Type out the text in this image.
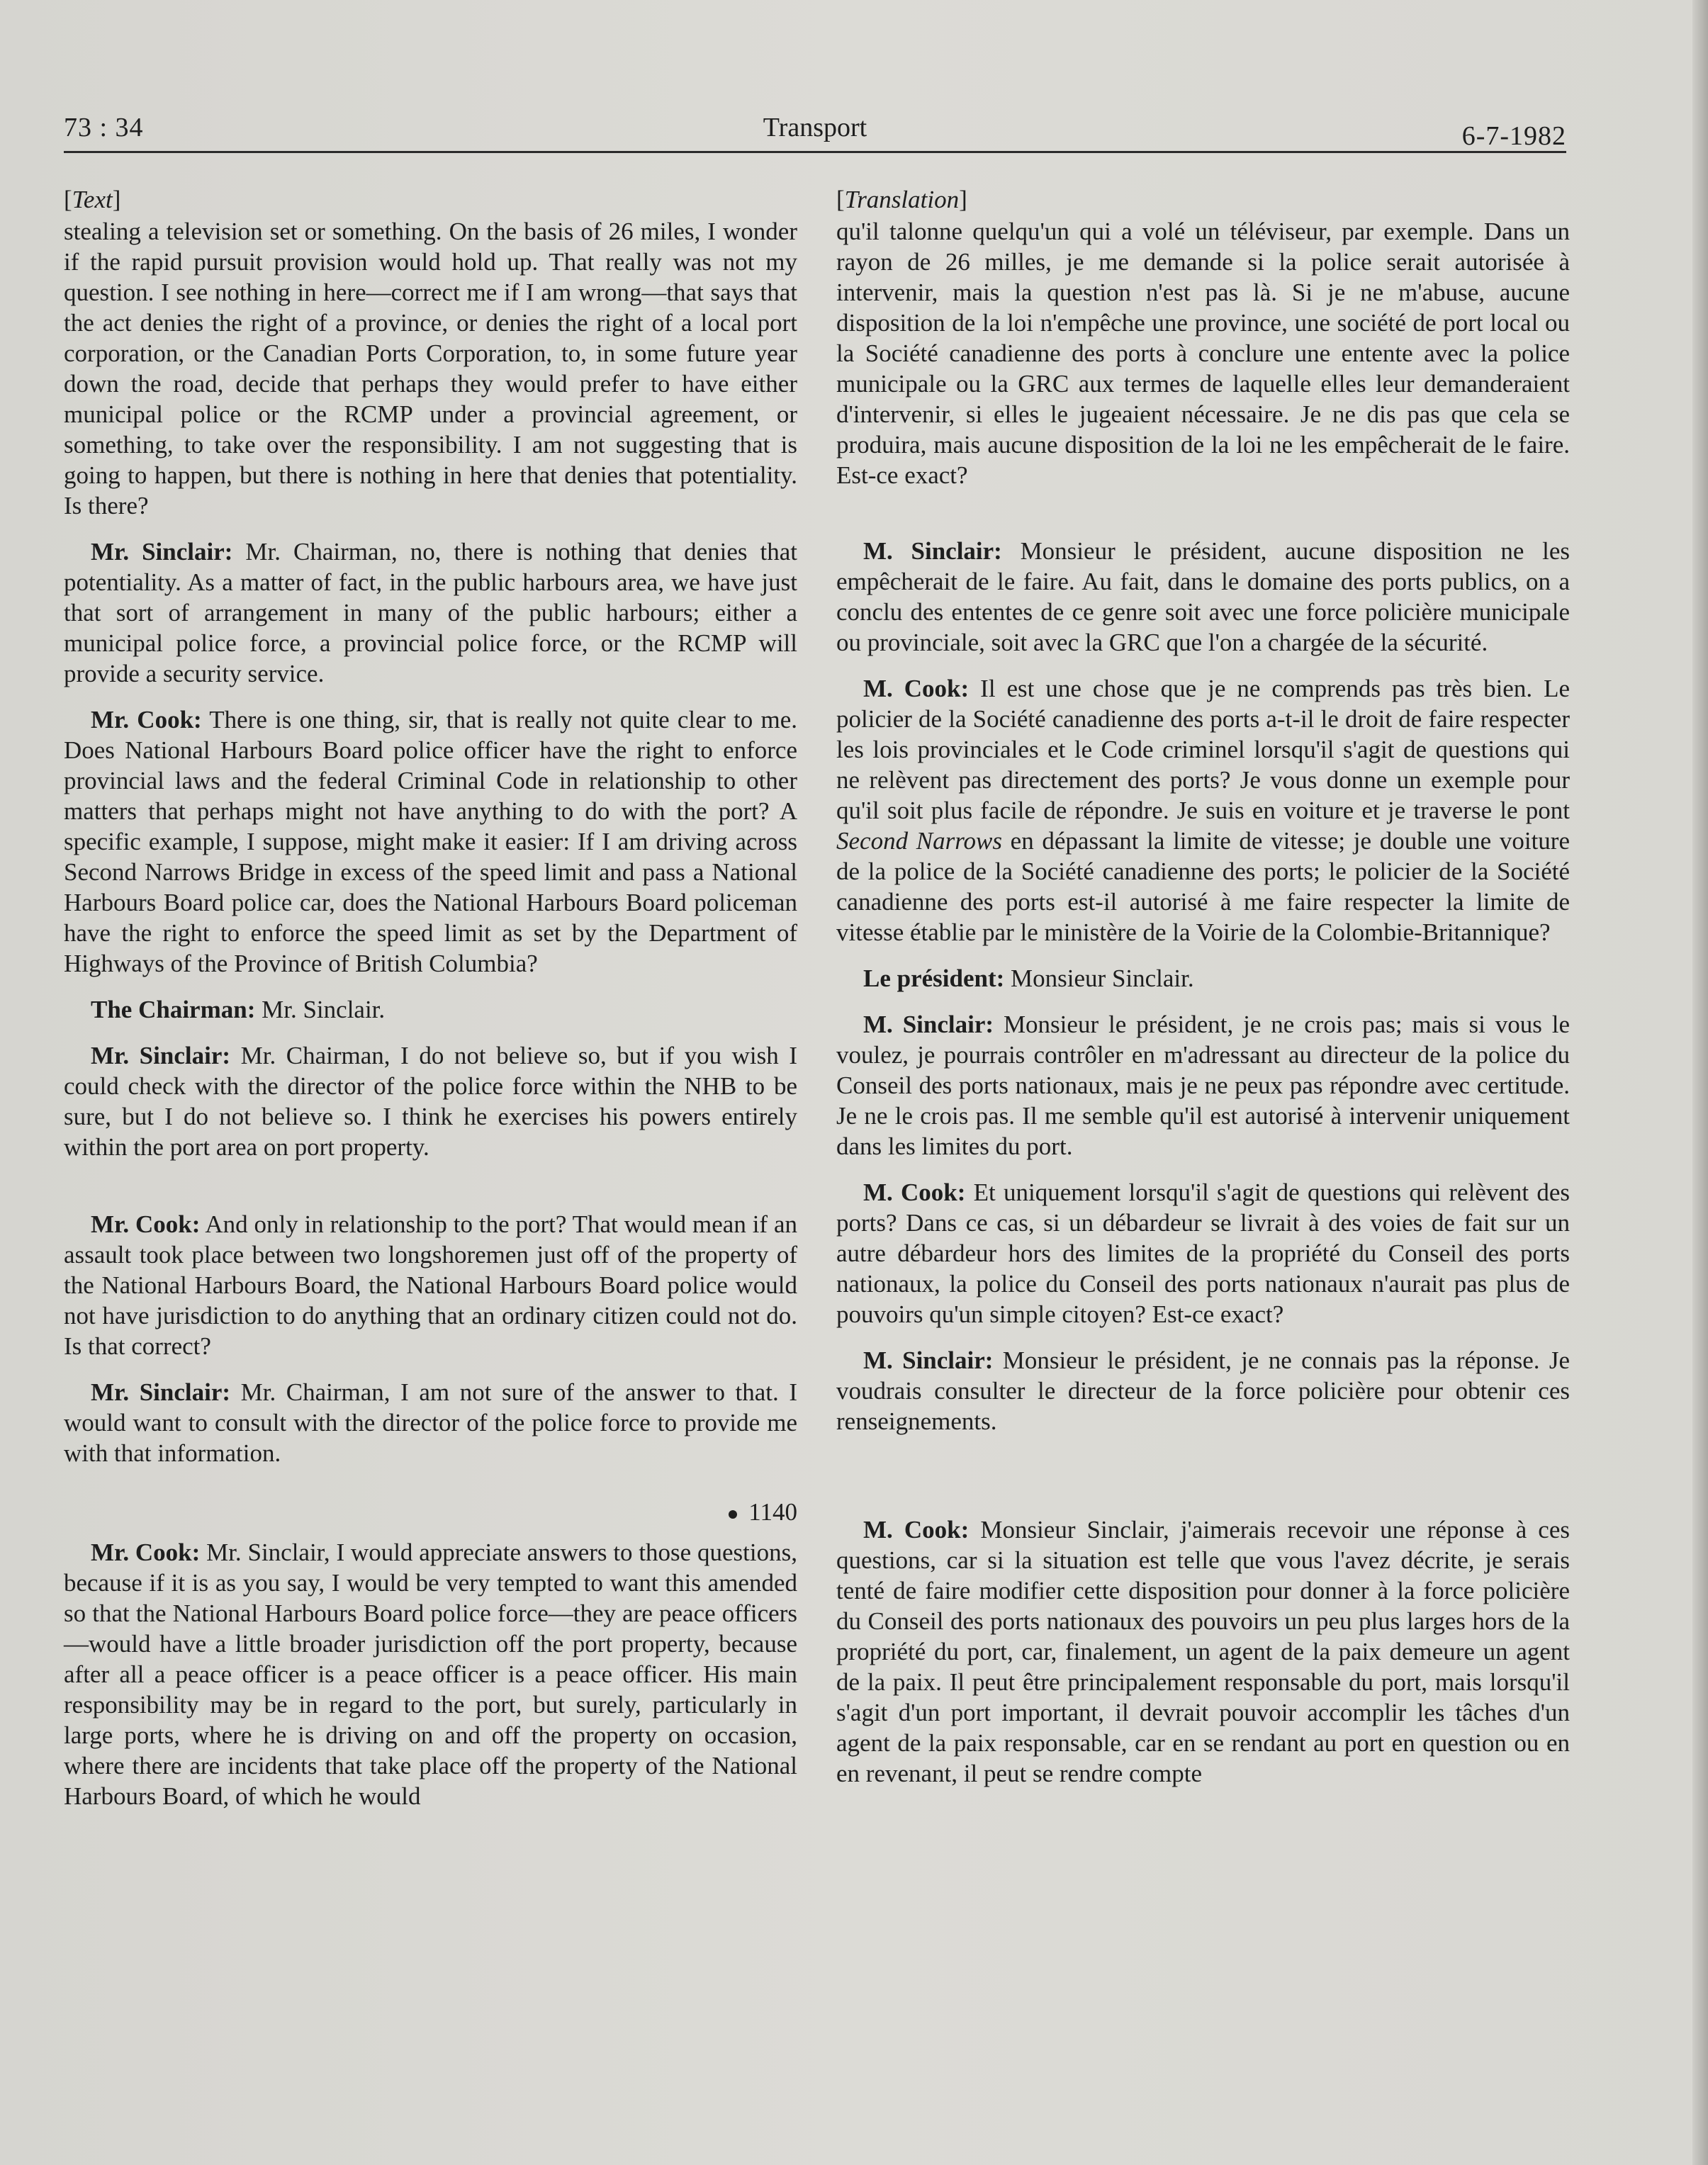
73 : 34	Transport	6-7-1982
[Text]

stealing a television set or something. On the basis of 26 miles, I wonder if the rapid pursuit provision would hold up. That really was not my question. I see nothing in here—correct me if I am wrong—that says that the act denies the right of a province, or denies the right of a local port corporation, or the Canadian Ports Corporation, to, in some future year down the road, decide that perhaps they would prefer to have either municipal police or the RCMP under a provincial agreement, or something, to take over the responsibility. I am not suggesting that is going to happen, but there is nothing in here that denies that potentiality. Is there?

Mr. Sinclair: Mr. Chairman, no, there is nothing that denies that potentiality. As a matter of fact, in the public harbours area, we have just that sort of arrangement in many of the public harbours; either a municipal police force, a provincial police force, or the RCMP will provide a security service.

Mr. Cook: There is one thing, sir, that is really not quite clear to me. Does National Harbours Board police officer have the right to enforce provincial laws and the federal Criminal Code in relationship to other matters that perhaps might not have anything to do with the port? A specific example, I suppose, might make it easier: If I am driving across Second Narrows Bridge in excess of the speed limit and pass a National Harbours Board police car, does the National Harbours Board policeman have the right to enforce the speed limit as set by the Department of Highways of the Province of British Columbia?

The Chairman: Mr. Sinclair.

Mr. Sinclair: Mr. Chairman, I do not believe so, but if you wish I could check with the director of the police force within the NHB to be sure, but I do not believe so. I think he exercises his powers entirely within the port area on port property.

Mr. Cook: And only in relationship to the port? That would mean if an assault took place between two longshoremen just off of the property of the National Harbours Board, the National Harbours Board police would not have jurisdiction to do anything that an ordinary citizen could not do. Is that correct?

Mr. Sinclair: Mr. Chairman, I am not sure of the answer to that. I would want to consult with the director of the police force to provide me with that information.

1140

Mr. Cook: Mr. Sinclair, I would appreciate answers to those questions, because if it is as you say, I would be very tempted to want this amended so that the National Harbours Board police force—they are peace officers—would have a little broader jurisdiction off the port property, because after all a peace officer is a peace officer is a peace officer. His main responsibility may be in regard to the port, but surely, particularly in large ports, where he is driving on and off the property on occasion, where there are incidents that take place off the property of the National Harbours Board, of which he would

[Translation]

qu'il talonne quelqu'un qui a volé un téléviseur, par exemple. Dans un rayon de 26 milles, je me demande si la police serait autorisée à intervenir, mais la question n'est pas là. Si je ne m'abuse, aucune disposition de la loi n'empêche une province, une société de port local ou la Société canadienne des ports à conclure une entente avec la police municipale ou la GRC aux termes de laquelle elles leur demanderaient d'intervenir, si elles le jugeaient nécessaire. Je ne dis pas que cela se produira, mais aucune disposition de la loi ne les empêcherait de le faire. Est-ce exact?

M. Sinclair: Monsieur le président, aucune disposition ne les empêcherait de le faire. Au fait, dans le domaine des ports publics, on a conclu des ententes de ce genre soit avec une force policière municipale ou provinciale, soit avec la GRC que l'on a chargée de la sécurité.

M. Cook: Il est une chose que je ne comprends pas très bien. Le policier de la Société canadienne des ports a-t-il le droit de faire respecter les lois provinciales et le Code criminel lorsqu'il s'agit de questions qui ne relèvent pas directement des ports? Je vous donne un exemple pour qu'il soit plus facile de répondre. Je suis en voiture et je traverse le pont Second Narrows en dépassant la limite de vitesse; je double une voiture de la police de la Société canadienne des ports; le policier de la Société canadienne des ports est-il autorisé à me faire respecter la limite de vitesse établie par le ministère de la Voirie de la Colombie-Britannique?

Le président: Monsieur Sinclair.

M. Sinclair: Monsieur le président, je ne crois pas; mais si vous le voulez, je pourrais contrôler en m'adressant au directeur de la police du Conseil des ports nationaux, mais je ne peux pas répondre avec certitude. Je ne le crois pas. Il me semble qu'il est autorisé à intervenir uniquement dans les limites du port.

M. Cook: Et uniquement lorsqu'il s'agit de questions qui relèvent des ports? Dans ce cas, si un débardeur se livrait à des voies de fait sur un autre débardeur hors des limites de la propriété du Conseil des ports nationaux, la police du Conseil des ports nationaux n'aurait pas plus de pouvoirs qu'un simple citoyen? Est-ce exact?

M. Sinclair: Monsieur le président, je ne connais pas la réponse. Je voudrais consulter le directeur de la force policière pour obtenir ces renseignements.

M. Cook: Monsieur Sinclair, j'aimerais recevoir une réponse à ces questions, car si la situation est telle que vous l'avez décrite, je serais tenté de faire modifier cette disposition pour donner à la force policière du Conseil des ports nationaux des pouvoirs un peu plus larges hors de la propriété du port, car, finalement, un agent de la paix demeure un agent de la paix. Il peut être principalement responsable du port, mais lorsqu'il s'agit d'un port important, il devrait pouvoir accomplir les tâches d'un agent de la paix responsable, car en se rendant au port en question ou en en revenant, il peut se rendre compte
